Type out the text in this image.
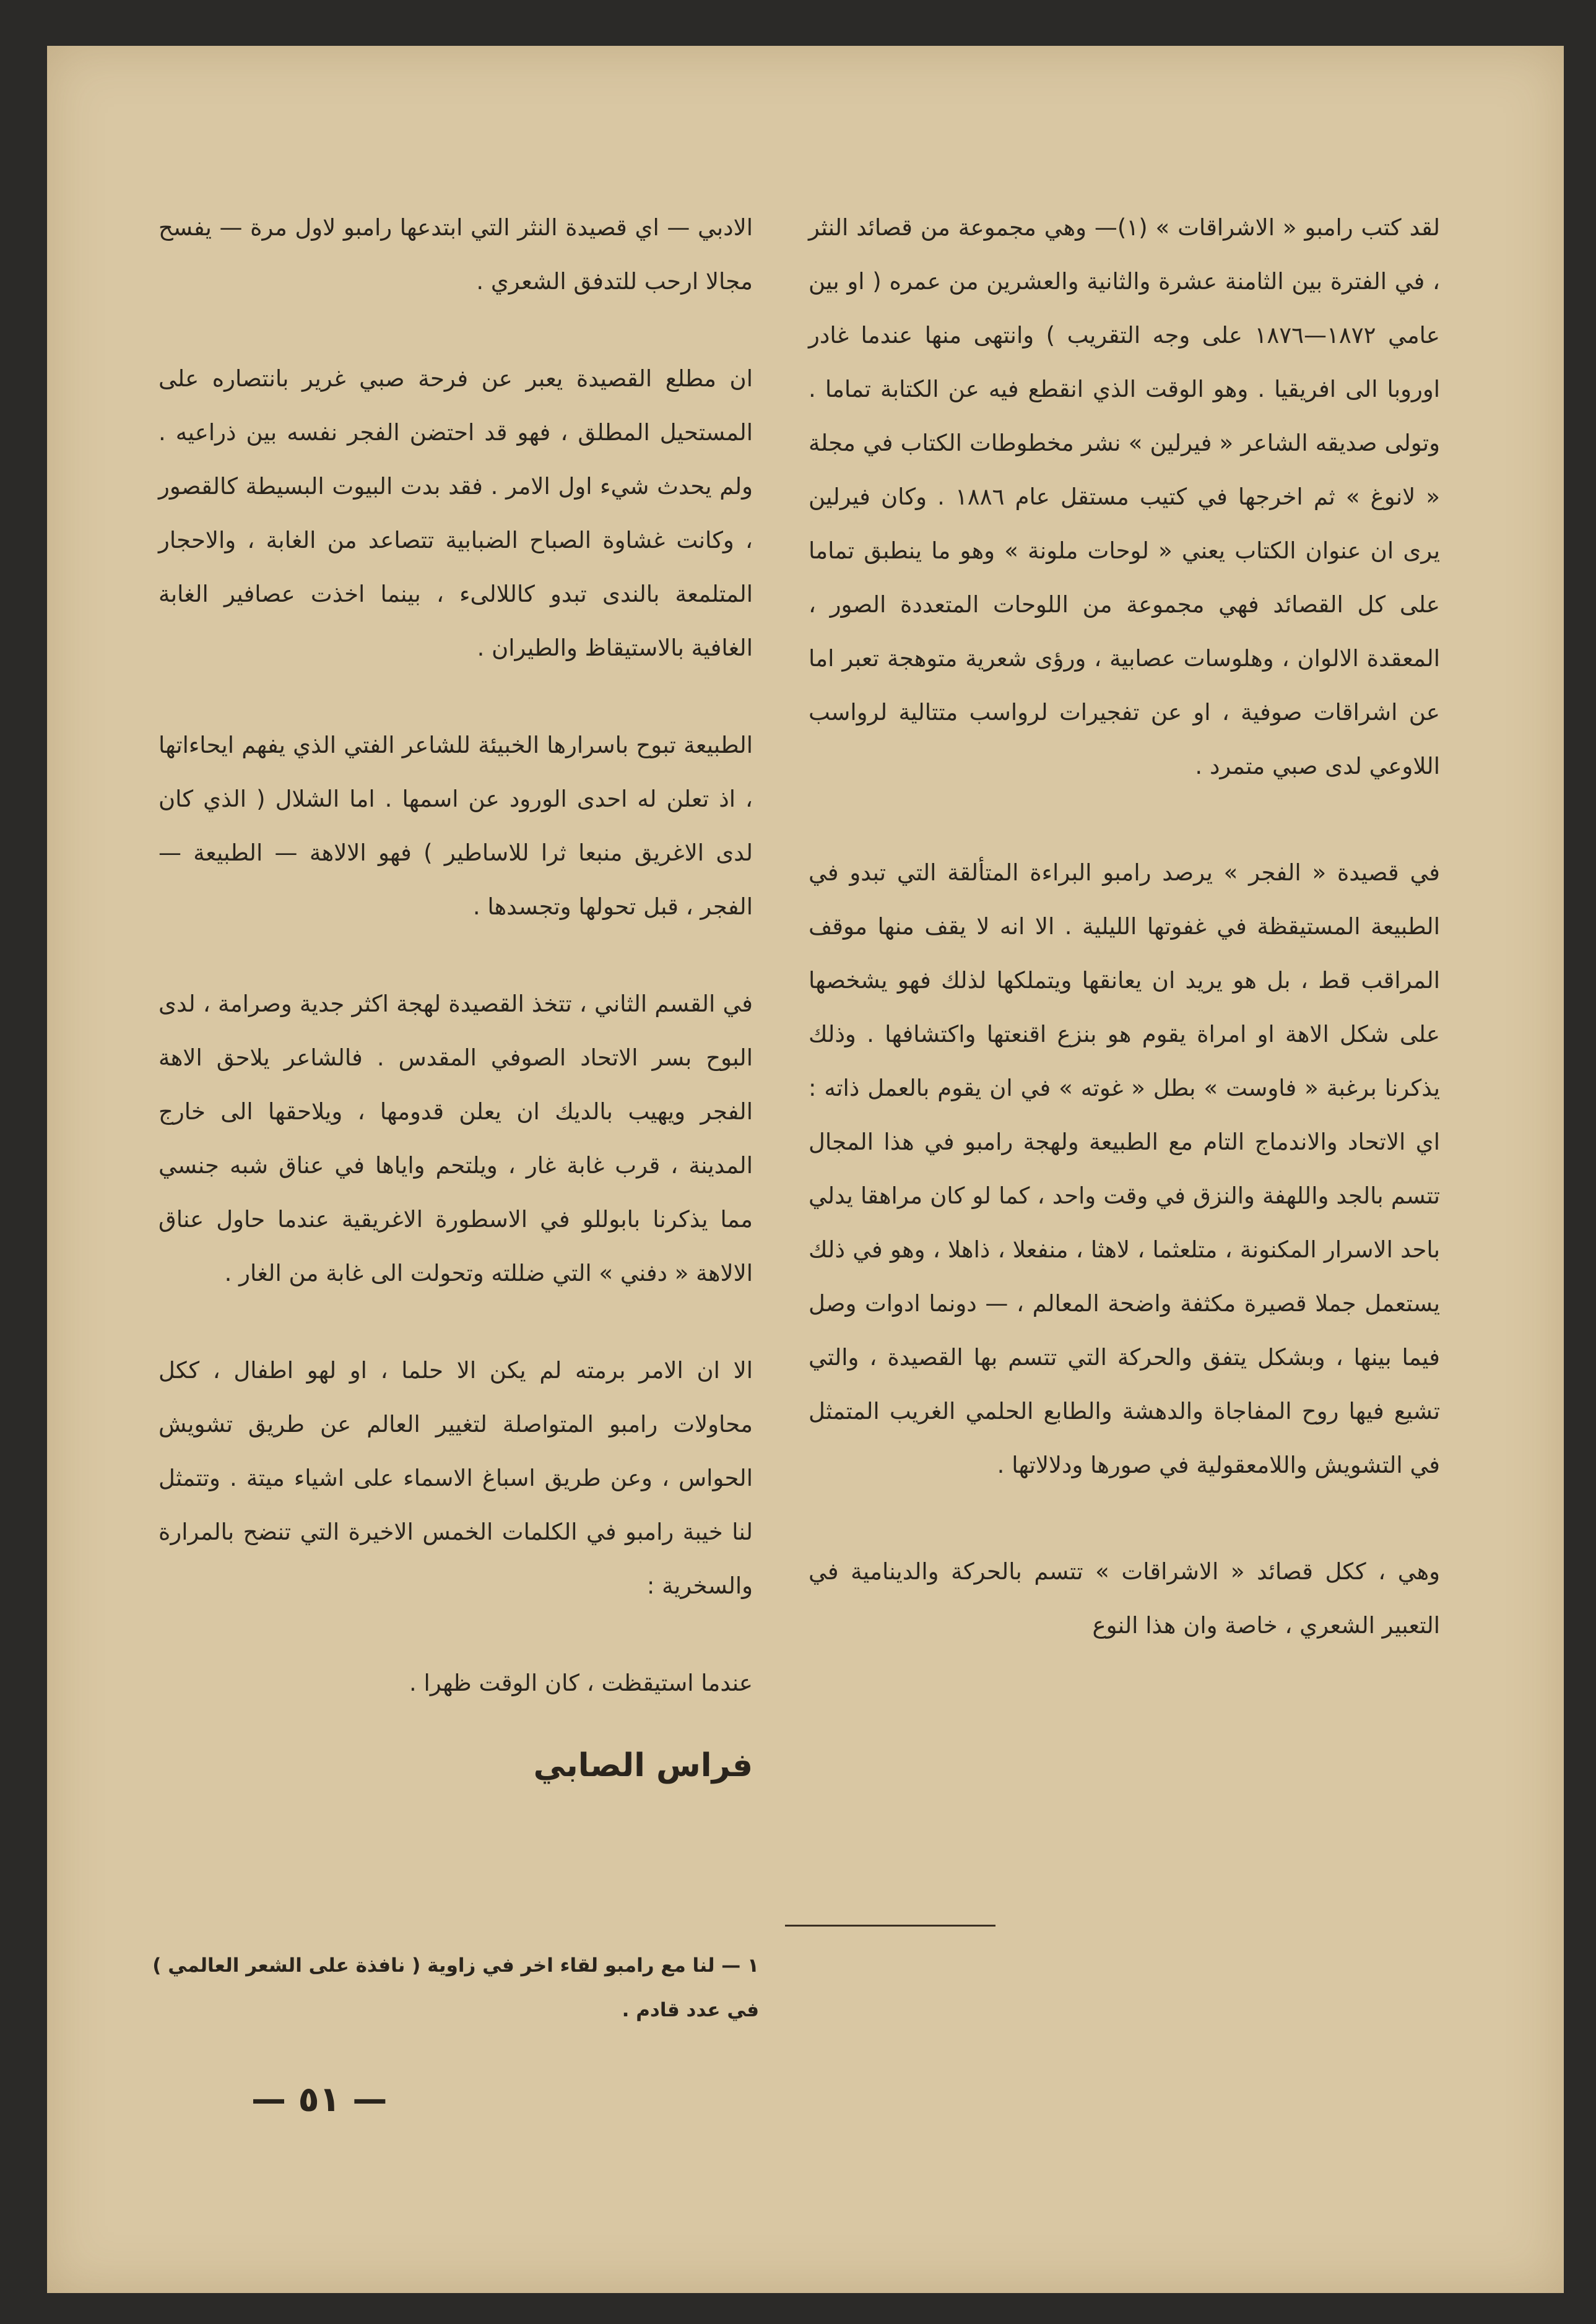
لقد كتب رامبو « الاشراقات » (١)— وهي مجموعة من قصائد النثر ، في الفترة بين الثامنة عشرة والثانية والعشرين من عمره ( او بين عامي ١٨٧٢—١٨٧٦ على وجه التقريب ) وانتهى منها عندما غادر اوروبا الى افريقيا . وهو الوقت الذي انقطع فيه عن الكتابة تماما . وتولى صديقه الشاعر « فيرلين » نشر مخطوطات الكتاب في مجلة « لانوغ » ثم اخرجها في كتيب مستقل عام ١٨٨٦ . وكان فيرلين يرى ان عنوان الكتاب يعني « لوحات ملونة » وهو ما ينطبق تماما على كل القصائد فهي مجموعة من اللوحات المتعددة الصور ، المعقدة الالوان ، وهلوسات عصابية ، ورؤى شعرية متوهجة تعبر اما عن اشراقات صوفية ، او عن تفجيرات لرواسب متتالية لرواسب اللاوعي لدى صبي متمرد .

في قصيدة « الفجر » يرصد رامبو البراءة المتألقة التي تبدو في الطبيعة المستيقظة في غفوتها الليلية . الا انه لا يقف منها موقف المراقب قط ، بل هو يريد ان يعانقها ويتملكها لذلك فهو يشخصها على شكل الاهة او امراة يقوم هو بنزع اقنعتها واكتشافها . وذلك يذكرنا برغبة « فاوست » بطل « غوته » في ان يقوم بالعمل ذاته : اي الاتحاد والاندماج التام مع الطبيعة ولهجة رامبو في هذا المجال تتسم بالجد واللهفة والنزق في وقت واحد ، كما لو كان مراهقا يدلي باحد الاسرار المكنونة ، متلعثما ، لاهثا ، منفعلا ، ذاهلا ، وهو في ذلك يستعمل جملا قصيرة مكثفة واضحة المعالم ، — دونما ادوات وصل فيما بينها ، وبشكل يتفق والحركة التي تتسم بها القصيدة ، والتي تشيع فيها روح المفاجاة والدهشة والطابع الحلمي الغريب المتمثل في التشويش واللامعقولية في صورها ودلالاتها .

وهي ، ككل قصائد « الاشراقات » تتسم بالحركة والدينامية في التعبير الشعري ، خاصة وان هذا النوع

الادبي — اي قصيدة النثر التي ابتدعها رامبو لاول مرة — يفسح مجالا ارحب للتدفق الشعري .

ان مطلع القصيدة يعبر عن فرحة صبي غرير بانتصاره على المستحيل المطلق ، فهو قد احتضن الفجر نفسه بين ذراعيه . ولم يحدث شيء اول الامر . فقد بدت البيوت البسيطة كالقصور ، وكانت غشاوة الصباح الضبابية تتصاعد من الغابة ، والاحجار المتلمعة بالندى تبدو كاللالىء ، بينما اخذت عصافير الغابة الغافية بالاستيقاظ والطيران .

الطبيعة تبوح باسرارها الخبيئة للشاعر الفتي الذي يفهم ايحاءاتها ، اذ تعلن له احدى الورود عن اسمها . اما الشلال ( الذي كان لدى الاغريق منبعا ثرا للاساطير ) فهو الالاهة — الطبيعة — الفجر ، قبل تحولها وتجسدها .

في القسم الثاني ، تتخذ القصيدة لهجة اكثر جدية وصرامة ، لدى البوح بسر الاتحاد الصوفي المقدس . فالشاعر يلاحق الاهة الفجر ويهيب بالديك ان يعلن قدومها ، ويلاحقها الى خارج المدينة ، قرب غابة غار ، ويلتحم واياها في عناق شبه جنسي مما يذكرنا بابوللو في الاسطورة الاغريقية عندما حاول عناق الالاهة « دفني » التي ضللته وتحولت الى غابة من الغار .

الا ان الامر برمته لم يكن الا حلما ، او لهو اطفال ، ككل محاولات رامبو المتواصلة لتغيير العالم عن طريق تشويش الحواس ، وعن طريق اسباغ الاسماء على اشياء ميتة . وتتمثل لنا خيبة رامبو في الكلمات الخمس الاخيرة التي تنضح بالمرارة والسخرية :

عندما استيقظت ، كان الوقت ظهرا .

فراس الصابي
١ — لنا مع رامبو لقاء اخر في زاوية ( نافذة على الشعر العالمي ) في عدد قادم .
— ٥١ —
